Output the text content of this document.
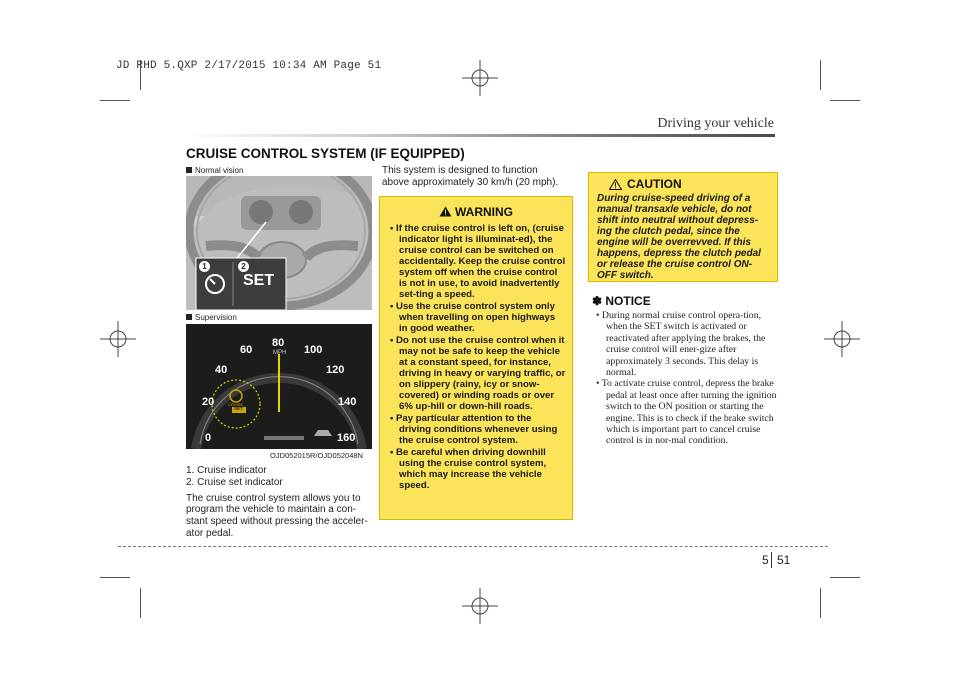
JD RHD 5.QXP 2/17/2015 10:34 AM Page 51
Driving your vehicle
CRUISE CONTROL SYSTEM (IF EQUIPPED)
Normal vision
1	2
SET
Supervision
0
20
40
60
80
100
120
140
160
MPH
CRUISE
SET
OJD052015R/OJD052048N
1. Cruise indicator
2. Cruise set indicator
The cruise control system allows you to
program the vehicle to maintain a con-
stant speed without pressing the acceler-
ator pedal.
This system is designed to function
above approximately 30 km/h (20 mph).
WARNING
• If the cruise control is left on, (cruise indicator light is illuminat-ed), the cruise control can be switched on accidentally. Keep the cruise control system off when the cruise control is not in use, to avoid inadvertently set-ting a speed.
• Use the cruise control system only when travelling on open highways in good weather.
• Do not use the cruise control when it may not be safe to keep the vehicle at a constant speed, for instance, driving in heavy or varying traffic, or on slippery (rainy, icy or snow-covered) or winding roads or over 6% up-hill or down-hill roads.
• Pay particular attention to the driving conditions whenever using the cruise control system.
• Be careful when driving downhill using the cruise control system, which may increase the vehicle speed.
CAUTION
During cruise-speed driving of a manual transaxle vehicle, do not shift into neutral without depress-ing the clutch pedal, since the engine will be overrevved. If this happens, depress the clutch pedal or release the cruise control ON-OFF switch.
✽ NOTICE
• During normal cruise control opera-tion, when the SET switch is activated or reactivated after applying the brakes, the cruise control will ener-gize after approximately 3 seconds. This delay is normal.
• To activate cruise control, depress the brake pedal at least once after turning the ignition switch to the ON position or starting the engine. This is to check if the brake switch which is important part to cancel cruise control is in nor-mal condition.
5 51
